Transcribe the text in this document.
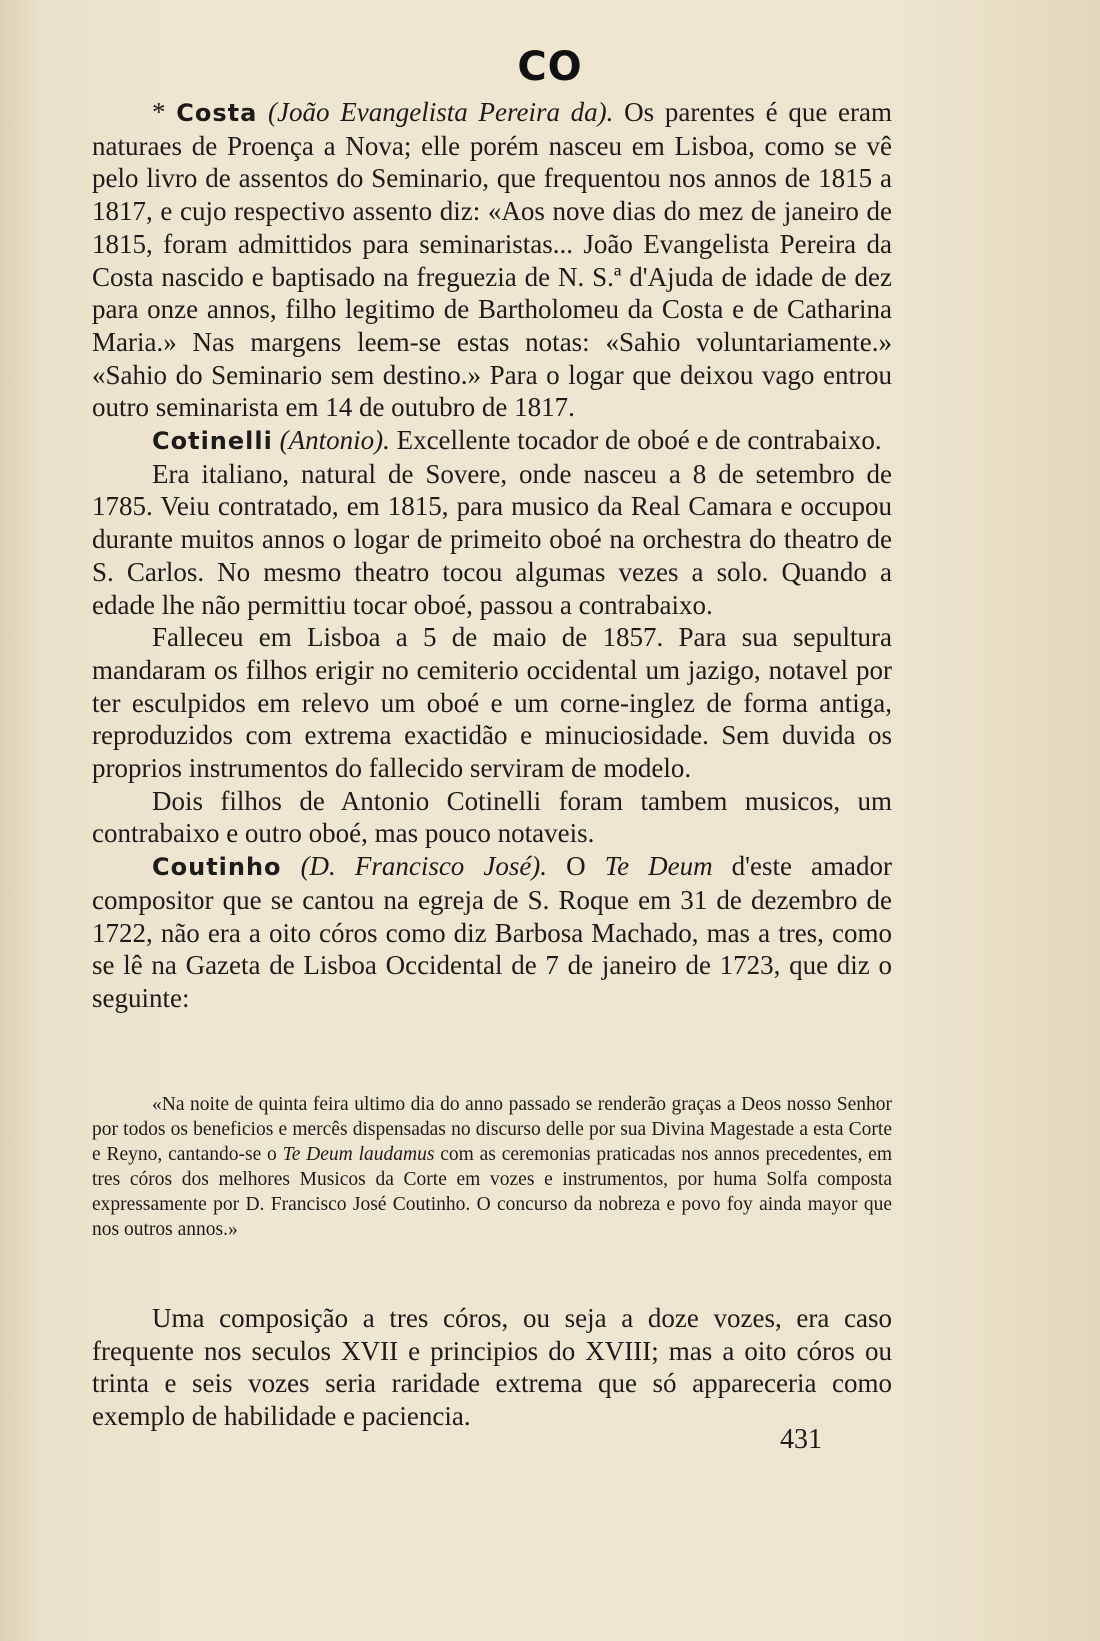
CO

* Costa (João Evangelista Pereira da). Os parentes é que eram naturaes de Proença a Nova; elle porém nasceu em Lisboa, como se vê pelo livro de assentos do Seminario, que frequentou nos annos de 1815 a 1817, e cujo respectivo assento diz: «Aos nove dias do mez de janeiro de 1815, foram admittidos para seminaristas... João Evangelista Pereira da Costa nascido e baptisado na freguezia de N. S.ª d'Ajuda de idade de dez para onze annos, filho legitimo de Bartholomeu da Costa e de Catharina Maria.» Nas margens leem-se estas notas: «Sahio voluntariamente.» «Sahio do Seminario sem destino.» Para o logar que deixou vago entrou outro seminarista em 14 de outubro de 1817.

Cotinelli (Antonio). Excellente tocador de oboé e de contrabaixo.

Era italiano, natural de Sovere, onde nasceu a 8 de setembro de 1785. Veiu contratado, em 1815, para musico da Real Camara e occupou durante muitos annos o logar de primeito oboé na orchestra do theatro de S. Carlos. No mesmo theatro tocou algumas vezes a solo. Quando a edade lhe não permittiu tocar oboé, passou a contrabaixo.

Falleceu em Lisboa a 5 de maio de 1857. Para sua sepultura mandaram os filhos erigir no cemiterio occidental um jazigo, notavel por ter esculpidos em relevo um oboé e um corne-inglez de forma antiga, reproduzidos com extrema exactidão e minuciosidade. Sem duvida os proprios instrumentos do fallecido serviram de modelo.

Dois filhos de Antonio Cotinelli foram tambem musicos, um contrabaixo e outro oboé, mas pouco notaveis.

Coutinho (D. Francisco José). O Te Deum d'este amador compositor que se cantou na egreja de S. Roque em 31 de dezembro de 1722, não era a oito córos como diz Barbosa Machado, mas a tres, como se lê na Gazeta de Lisboa Occidental de 7 de janeiro de 1723, que diz o seguinte:

«Na noite de quinta feira ultimo dia do anno passado se renderão graças a Deos nosso Senhor por todos os beneficios e mercês dispensadas no discurso delle por sua Divina Magestade a esta Corte e Reyno, cantando-se o Te Deum laudamus com as ceremonias praticadas nos annos precedentes, em tres córos dos melhores Musicos da Corte em vozes e instrumentos, por huma Solfa composta expressamente por D. Francisco José Coutinho. O concurso da nobreza e povo foy ainda mayor que nos outros annos.»
Uma composição a tres córos, ou seja a doze vozes, era caso frequente nos seculos XVII e principios do XVIII; mas a oito córos ou trinta e seis vozes seria raridade extrema que só appareceria como exemplo de habilidade e paciencia.
431
